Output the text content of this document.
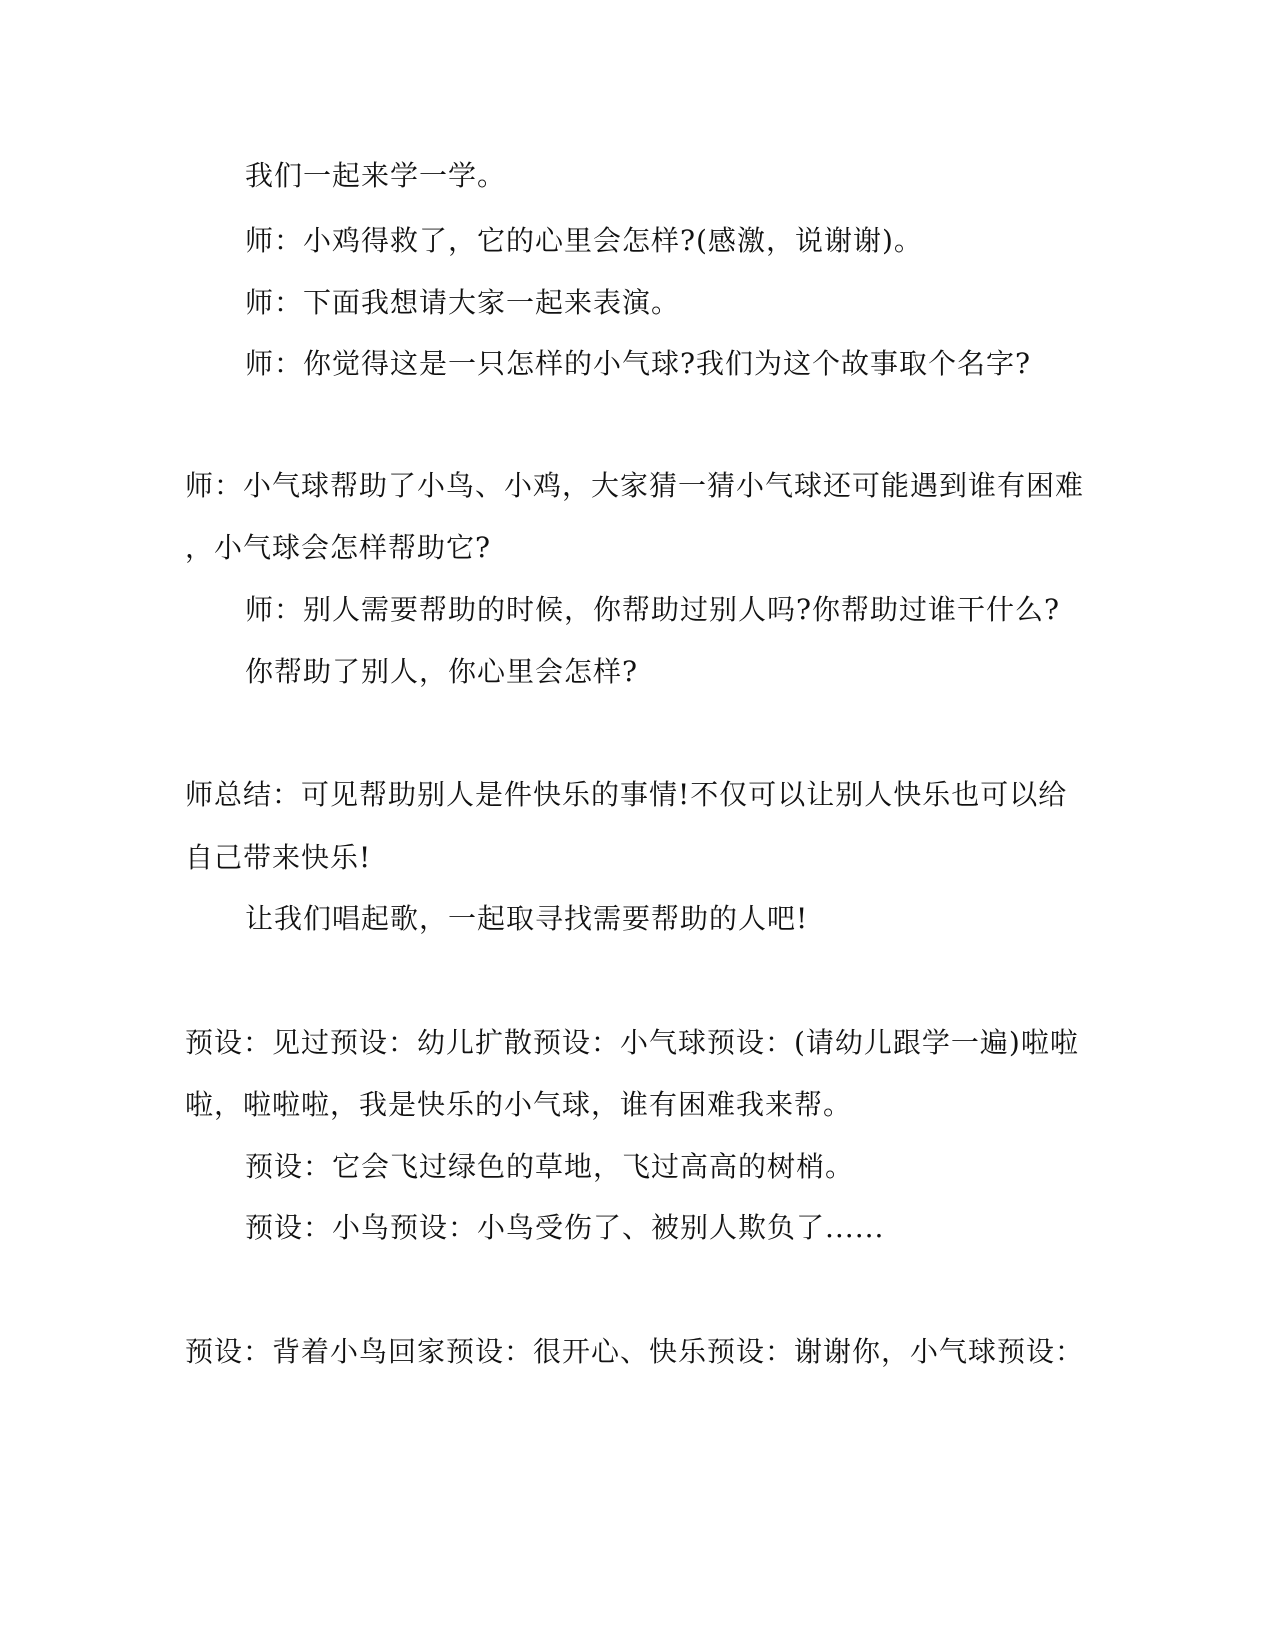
我们一起来学一学。
师：小鸡得救了，它的心里会怎样?(感激，说谢谢)。
师：下面我想请大家一起来表演。
师：你觉得这是一只怎样的小气球?我们为这个故事取个名字?
师：小气球帮助了小鸟、小鸡，大家猜一猜小气球还可能遇到谁有困难
，小气球会怎样帮助它?
师：别人需要帮助的时候，你帮助过别人吗?你帮助过谁干什么?
你帮助了别人，你心里会怎样?
师总结：可见帮助别人是件快乐的事情!不仅可以让别人快乐也可以给
自己带来快乐!
让我们唱起歌，一起取寻找需要帮助的人吧!
预设：见过预设：幼儿扩散预设：小气球预设：(请幼儿跟学一遍)啦啦
啦，啦啦啦，我是快乐的小气球，谁有困难我来帮。
预设：它会飞过绿色的草地，飞过高高的树梢。
预设：小鸟预设：小鸟受伤了、被别人欺负了......
预设：背着小鸟回家预设：很开心、快乐预设：谢谢你，小气球预设：
